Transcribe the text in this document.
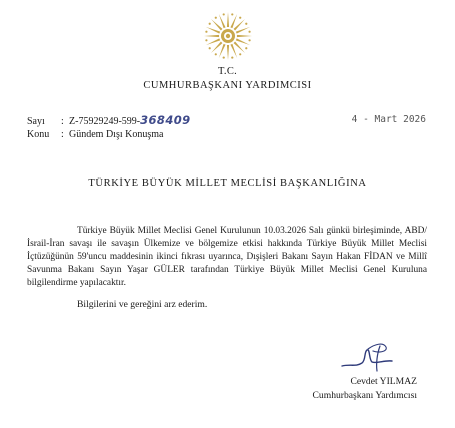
T.C.
CUMHURBAŞKANI YARDIMCISI
Sayı : Z-75929249-599-368409
Konu : Gündem Dışı Konuşma
4 - Mart 2026
TÜRKİYE BÜYÜK MİLLET MECLİSİ BAŞKANLIĞINA

Türkiye Büyük Millet Meclisi Genel Kurulunun 10.03.2026 Salı günkü birleşiminde, ABD/İsrail-İran savaşı ile savaşın Ülkemize ve bölgemize etkisi hakkında Türkiye Büyük Millet Meclisi İçtüzüğünün 59'uncu maddesinin ikinci fıkrası uyarınca, Dışişleri Bakanı Sayın Hakan FİDAN ve Millî Savunma Bakanı Sayın Yaşar GÜLER tarafından Türkiye Büyük Millet Meclisi Genel Kuruluna bilgilendirme yapılacaktır.

Bilgilerini ve gereğini arz ederim.
Cevdet YILMAZ
Cumhurbaşkanı Yardımcısı
